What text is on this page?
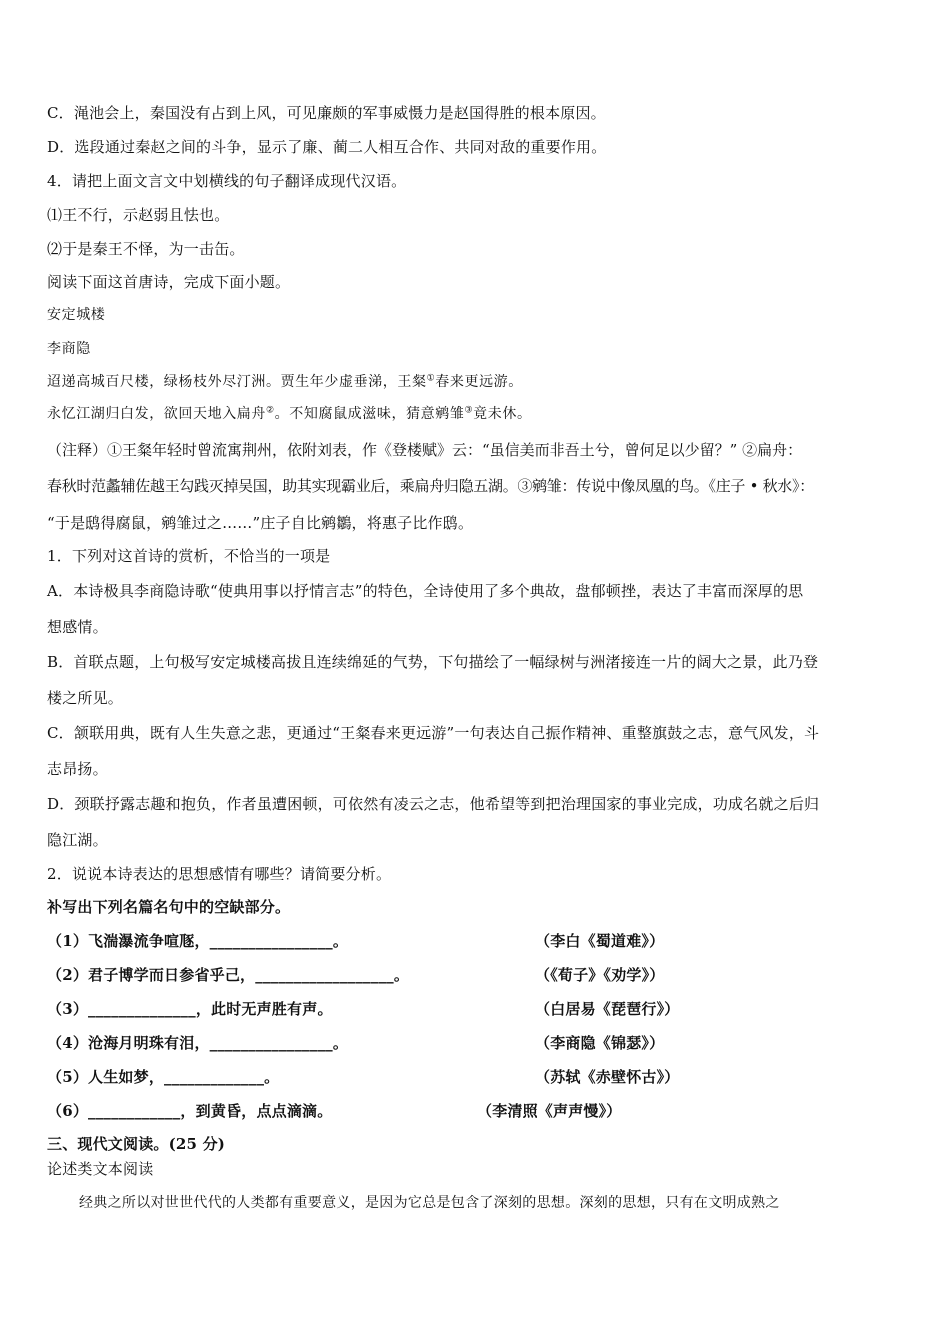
C．渑池会上，秦国没有占到上风，可见廉颇的军事威慑力是赵国得胜的根本原因。
D．选段通过秦赵之间的斗争，显示了廉、蔺二人相互合作、共同对敌的重要作用。
4．请把上面文言文中划横线的句子翻译成现代汉语。
⑴王不行，示赵弱且怯也。
⑵于是秦王不怿，为一击缶。
阅读下面这首唐诗，完成下面小题。
安定城楼
李商隐
迢递高城百尺楼，绿杨枝外尽汀洲。贾生年少虚垂涕，王粲①春来更远游。
永忆江湖归白发，欲回天地入扁舟②。不知腐鼠成滋味，猜意鹓雏③竟未休。
（注释）①王粲年轻时曾流寓荆州，依附刘表，作《登楼赋》云：“虽信美而非吾土兮，曾何足以少留？” ②扁舟：
春秋时范蠡辅佐越王勾践灭掉吴国，助其实现霸业后，乘扁舟归隐五湖。③鹓雏：传说中像凤凰的鸟。《庄子 • 秋水》：
“于是鸱得腐鼠，鹓雏过之……”庄子自比鹓鶵，将惠子比作鸱。
1．下列对这首诗的赏析，不恰当的一项是
A．本诗极具李商隐诗歌“使典用事以抒情言志”的特色，全诗使用了多个典故，盘郁顿挫，表达了丰富而深厚的思
想感情。
B．首联点题，上句极写安定城楼高拔且连续绵延的气势，下句描绘了一幅绿树与洲渚接连一片的阔大之景，此乃登
楼之所见。
C．颔联用典，既有人生失意之悲，更通过“王粲春来更远游”一句表达自己振作精神、重整旗鼓之志，意气风发，斗
志昂扬。
D．颈联抒露志趣和抱负，作者虽遭困顿，可依然有凌云之志，他希望等到把治理国家的事业完成，功成名就之后归
隐江湖。
2．说说本诗表达的思想感情有哪些？请简要分析。
补写出下列名篇名句中的空缺部分。
（1）飞湍瀑流争喧豗，________________。	（李白《蜀道难》）
（2）君子博学而日参省乎己，__________________。	（《荀子》《劝学》）
（3）______________，此时无声胜有声。	（白居易《琵琶行》）
（4）沧海月明珠有泪，________________。	（李商隐《锦瑟》）
（5）人生如梦，_____________。	（苏轼《赤壁怀古》）
（6）____________，到黄昏，点点滴滴。	（李清照《声声慢》）
三、现代文阅读。(25 分)
论述类文本阅读
经典之所以对世世代代的人类都有重要意义，是因为它总是包含了深刻的思想。深刻的思想，只有在文明成熟之
